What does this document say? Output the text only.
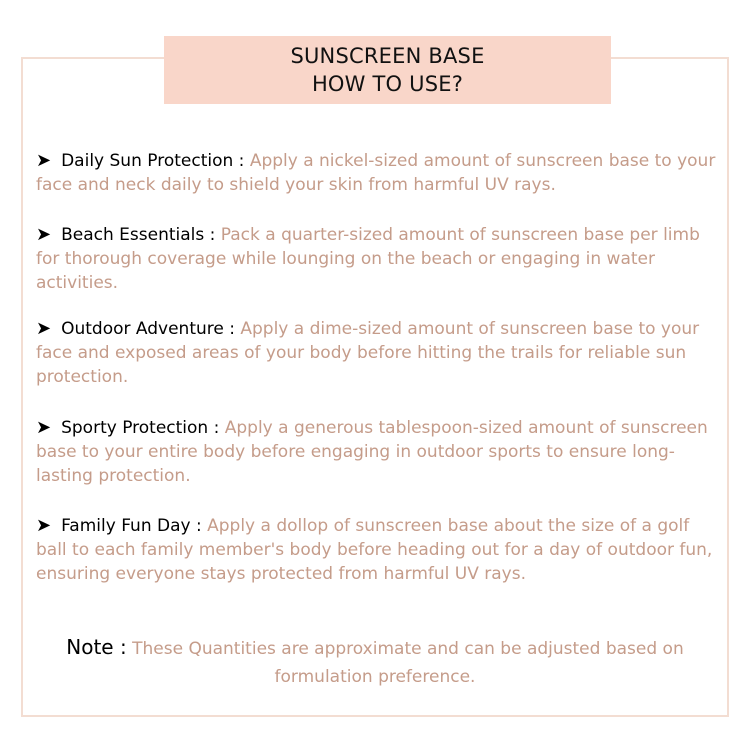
SUNSCREEN BASE
HOW TO USE?
➤ Daily Sun Protection : Apply a nickel-sized amount of sunscreen base to your face and neck daily to shield your skin from harmful UV rays.
➤ Beach Essentials : Pack a quarter-sized amount of sunscreen base per limb for thorough coverage while lounging on the beach or engaging in water activities.
➤ Outdoor Adventure : Apply a dime-sized amount of sunscreen base to your face and exposed areas of your body before hitting the trails for reliable sun protection.
➤ Sporty Protection : Apply a generous tablespoon-sized amount of sunscreen base to your entire body before engaging in outdoor sports to ensure long-lasting protection.
➤ Family Fun Day : Apply a dollop of sunscreen base about the size of a golf ball to each family member's body before heading out for a day of outdoor fun, ensuring everyone stays protected from harmful UV rays.
Note : These Quantities are approximate and can be adjusted based on formulation preference.
